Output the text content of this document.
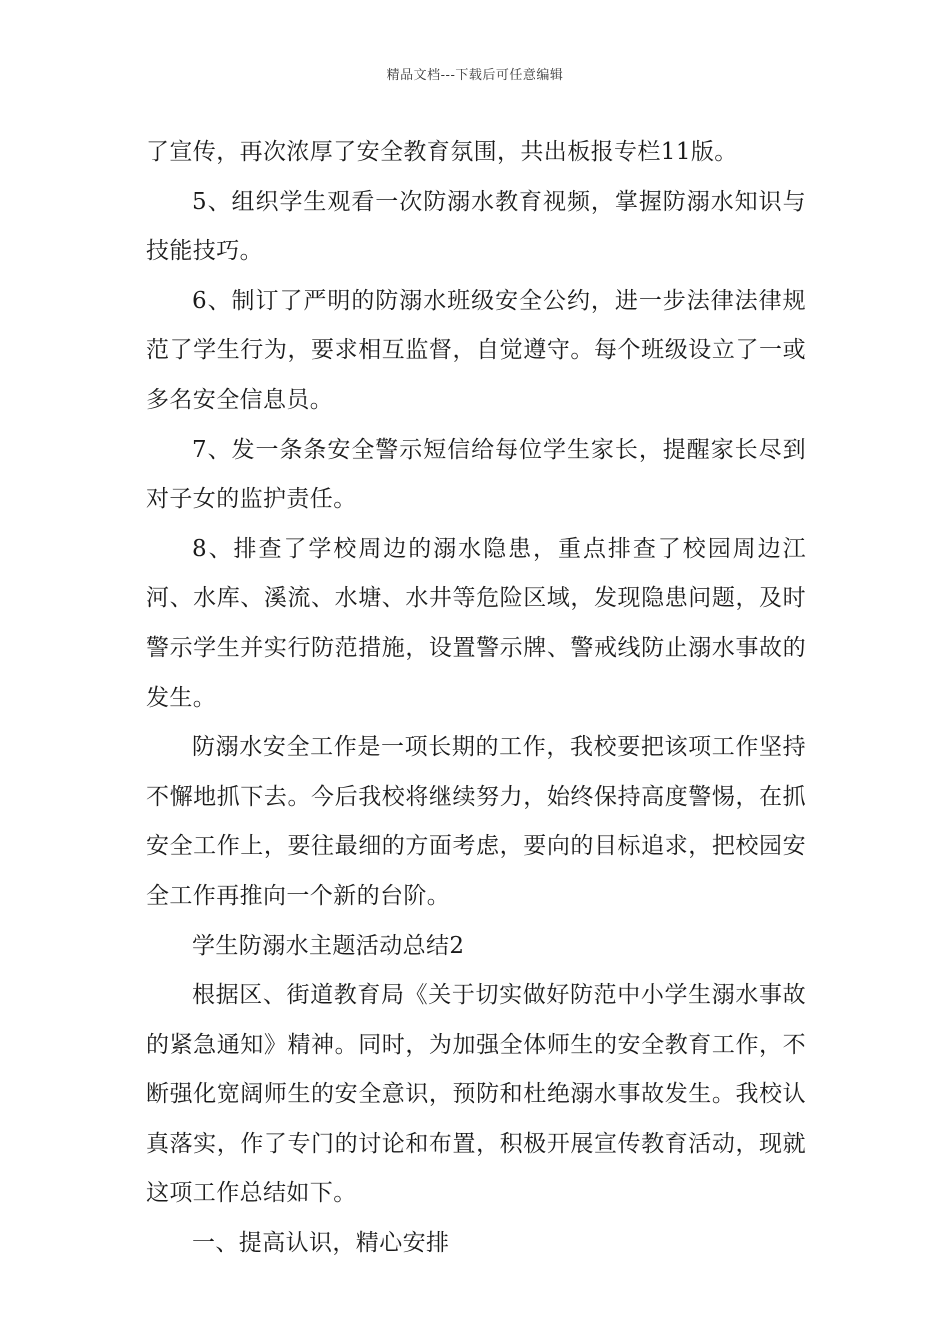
精品文档---下载后可任意编辑

了宣传，再次浓厚了安全教育氛围，共出板报专栏11版。

5、组织学生观看一次防溺水教育视频，掌握防溺水知识与技能技巧。

6、制订了严明的防溺水班级安全公约，进一步法律法律规范了学生行为，要求相互监督，自觉遵守。每个班级设立了一或多名安全信息员。

7、发一条条安全警示短信给每位学生家长，提醒家长尽到对子女的监护责任。

8、排查了学校周边的溺水隐患，重点排查了校园周边江河、水库、溪流、水塘、水井等危险区域，发现隐患问题，及时警示学生并实行防范措施，设置警示牌、警戒线防止溺水事故的发生。

防溺水安全工作是一项长期的工作，我校要把该项工作坚持不懈地抓下去。今后我校将继续努力，始终保持高度警惕，在抓安全工作上，要往最细的方面考虑，要向的目标追求，把校园安全工作再推向一个新的台阶。

学生防溺水主题活动总结2

根据区、街道教育局《关于切实做好防范中小学生溺水事故的紧急通知》精神。同时，为加强全体师生的安全教育工作，不断强化宽阔师生的安全意识，预防和杜绝溺水事故发生。我校认真落实，作了专门的讨论和布置，积极开展宣传教育活动，现就这项工作总结如下。

一、提高认识，精心安排
